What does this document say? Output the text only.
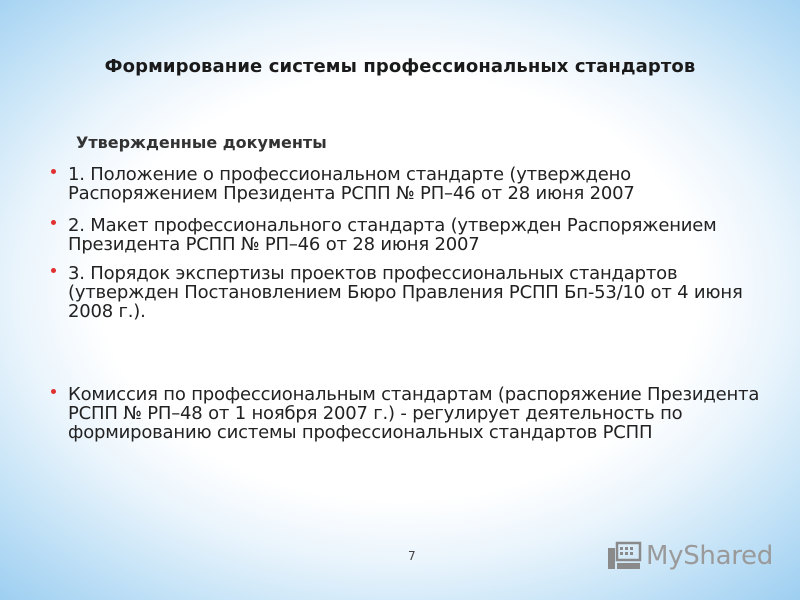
Формирование системы профессиональных стандартов
Утвержденные документы
1. Положение о профессиональном стандарте (утверждено Распоряжением Президента РСПП № РП–46 от 28 июня 2007
2. Макет профессионального стандарта (утвержден Распоряжением Президента РСПП № РП–46 от 28 июня 2007
3. Порядок экспертизы проектов профессиональных стандартов (утвержден Постановлением Бюро Правления РСПП Бп-53/10 от 4 июня 2008 г.).
Комиссия по профессиональным стандартам (распоряжение Президента РСПП № РП–48 от 1 ноября 2007 г.) - регулирует деятельность по формированию системы профессиональных стандартов РСПП
7	MyShared
